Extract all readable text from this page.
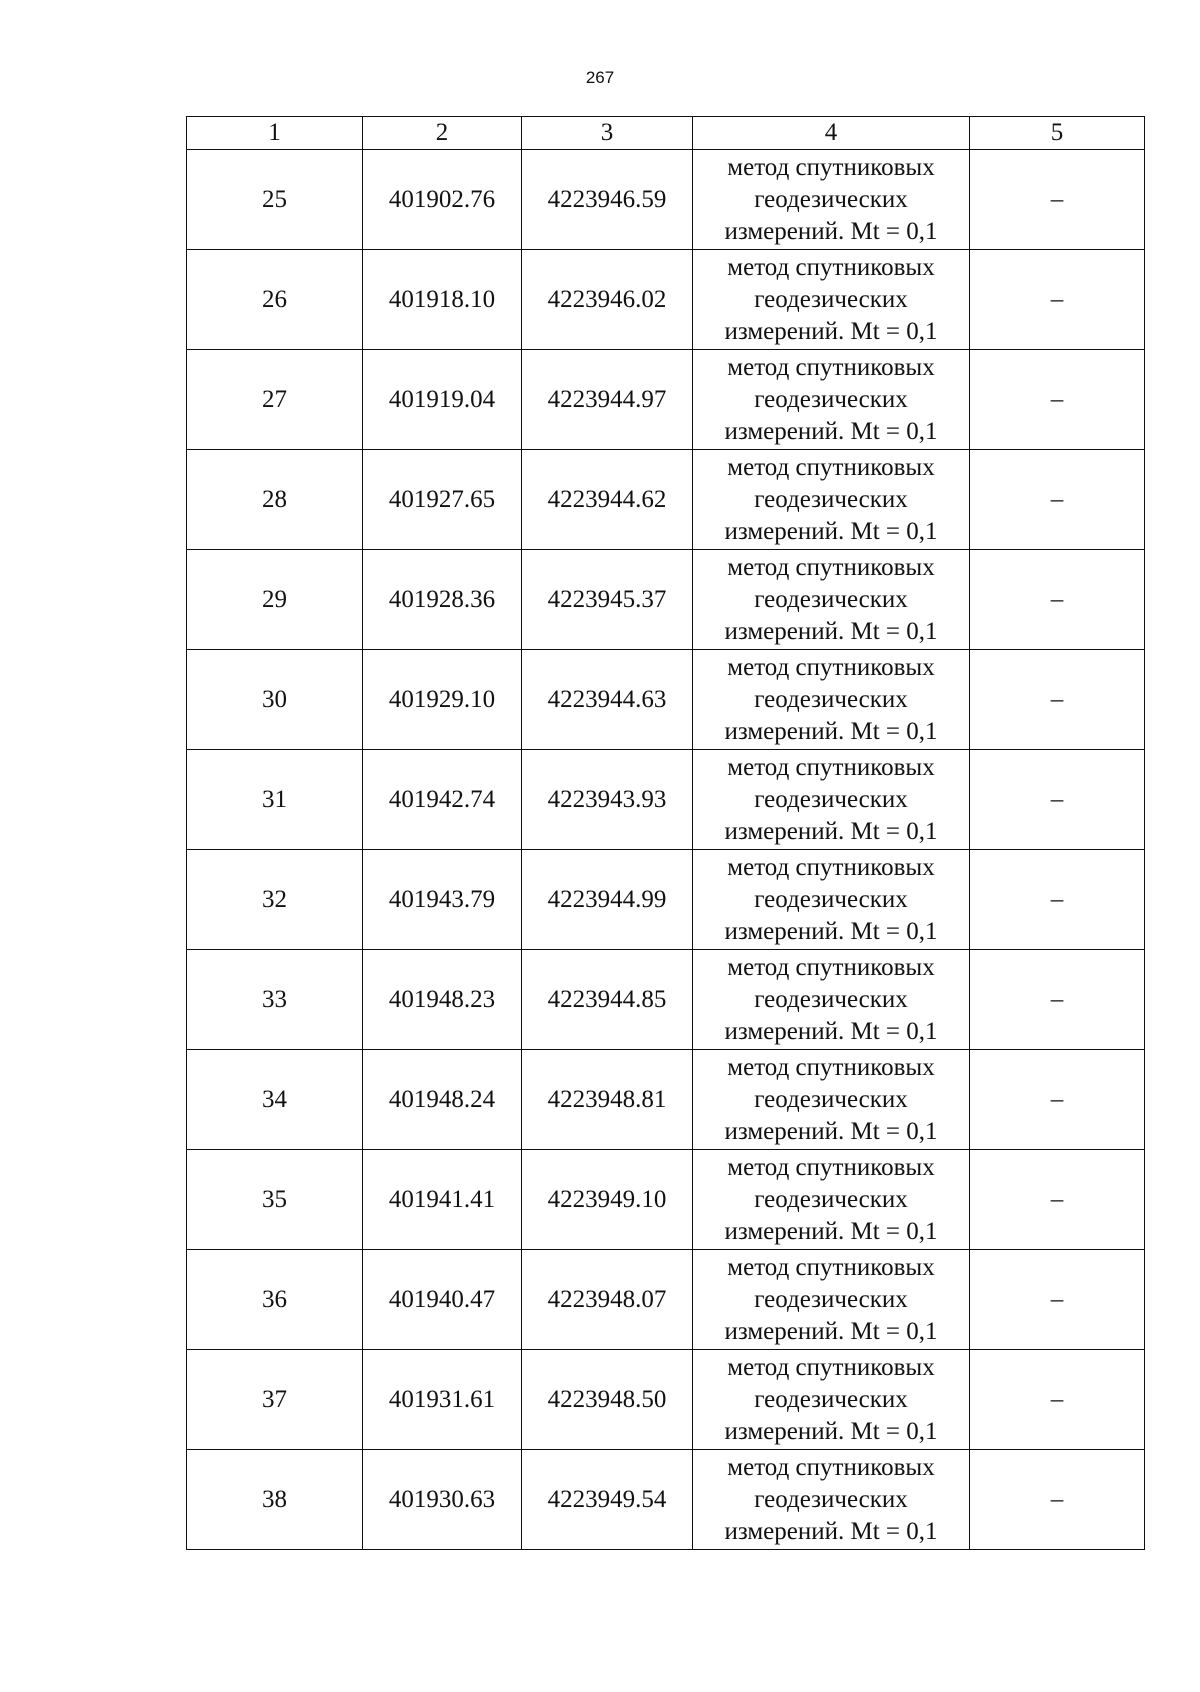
267
1	2	3	4	5
25	401902.76	4223946.59	метод спутниковых
геодезических
измерений. Mt = 0,1	–
26	401918.10	4223946.02	метод спутниковых
геодезических
измерений. Mt = 0,1	–
27	401919.04	4223944.97	метод спутниковых
геодезических
измерений. Mt = 0,1	–
28	401927.65	4223944.62	метод спутниковых
геодезических
измерений. Mt = 0,1	–
29	401928.36	4223945.37	метод спутниковых
геодезических
измерений. Mt = 0,1	–
30	401929.10	4223944.63	метод спутниковых
геодезических
измерений. Mt = 0,1	–
31	401942.74	4223943.93	метод спутниковых
геодезических
измерений. Mt = 0,1	–
32	401943.79	4223944.99	метод спутниковых
геодезических
измерений. Mt = 0,1	–
33	401948.23	4223944.85	метод спутниковых
геодезических
измерений. Mt = 0,1	–
34	401948.24	4223948.81	метод спутниковых
геодезических
измерений. Mt = 0,1	–
35	401941.41	4223949.10	метод спутниковых
геодезических
измерений. Mt = 0,1	–
36	401940.47	4223948.07	метод спутниковых
геодезических
измерений. Mt = 0,1	–
37	401931.61	4223948.50	метод спутниковых
геодезических
измерений. Mt = 0,1	–
38	401930.63	4223949.54	метод спутниковых
геодезических
измерений. Mt = 0,1	–
